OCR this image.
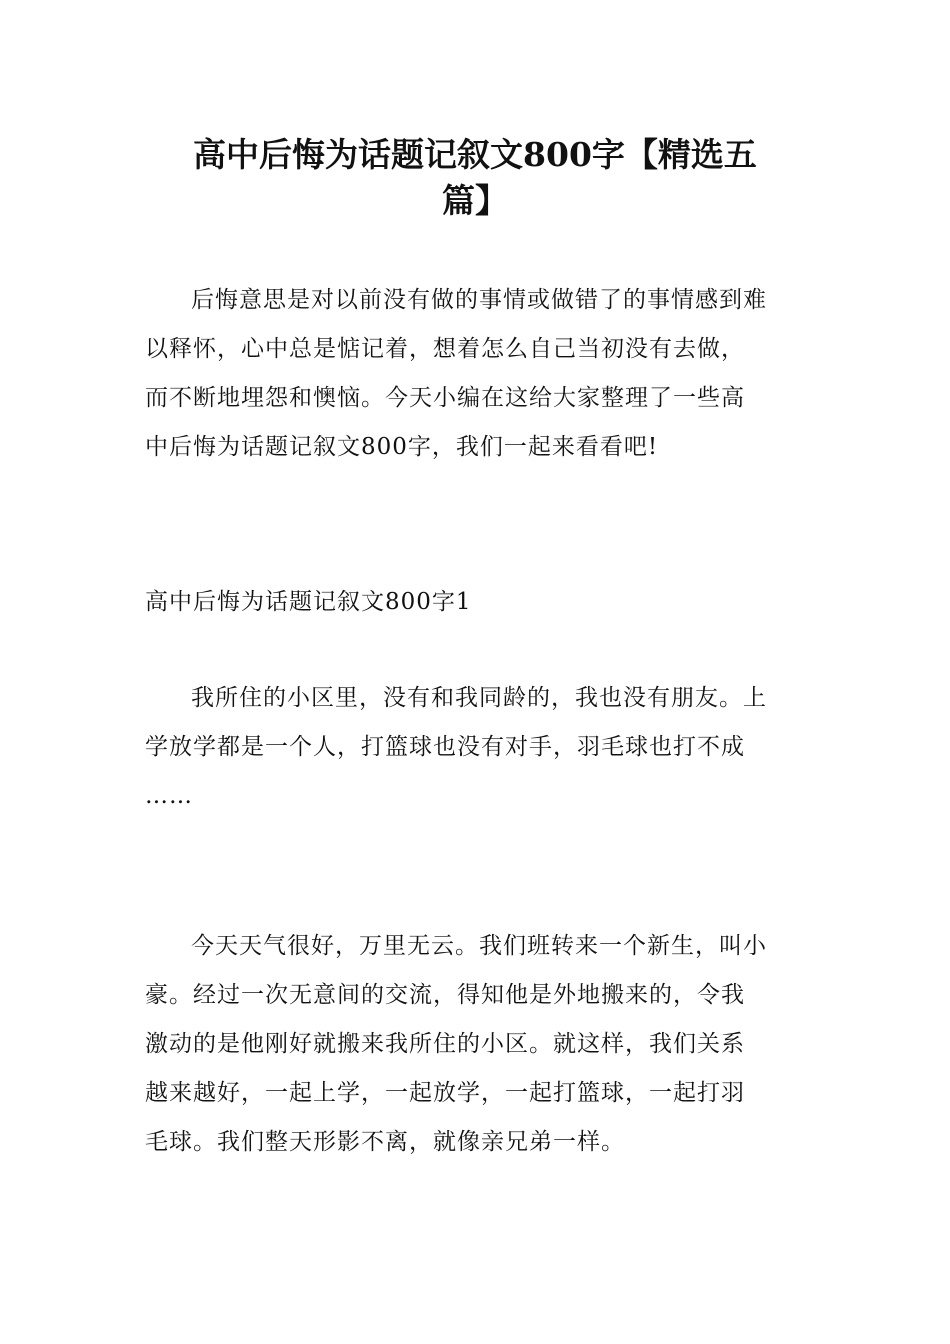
高中后悔为话题记叙文800字【精选五
篇】

后悔意思是对以前没有做的事情或做错了的事情感到难
以释怀，心中总是惦记着，想着怎么自己当初没有去做，
而不断地埋怨和懊恼。今天小编在这给大家整理了一些高
中后悔为话题记叙文800字，我们一起来看看吧!

高中后悔为话题记叙文800字1

我所住的小区里，没有和我同龄的，我也没有朋友。上
学放学都是一个人，打篮球也没有对手，羽毛球也打不成
……

今天天气很好，万里无云。我们班转来一个新生，叫小
豪。经过一次无意间的交流，得知他是外地搬来的，令我
激动的是他刚好就搬来我所住的小区。就这样，我们关系
越来越好，一起上学，一起放学，一起打篮球，一起打羽
毛球。我们整天形影不离，就像亲兄弟一样。
